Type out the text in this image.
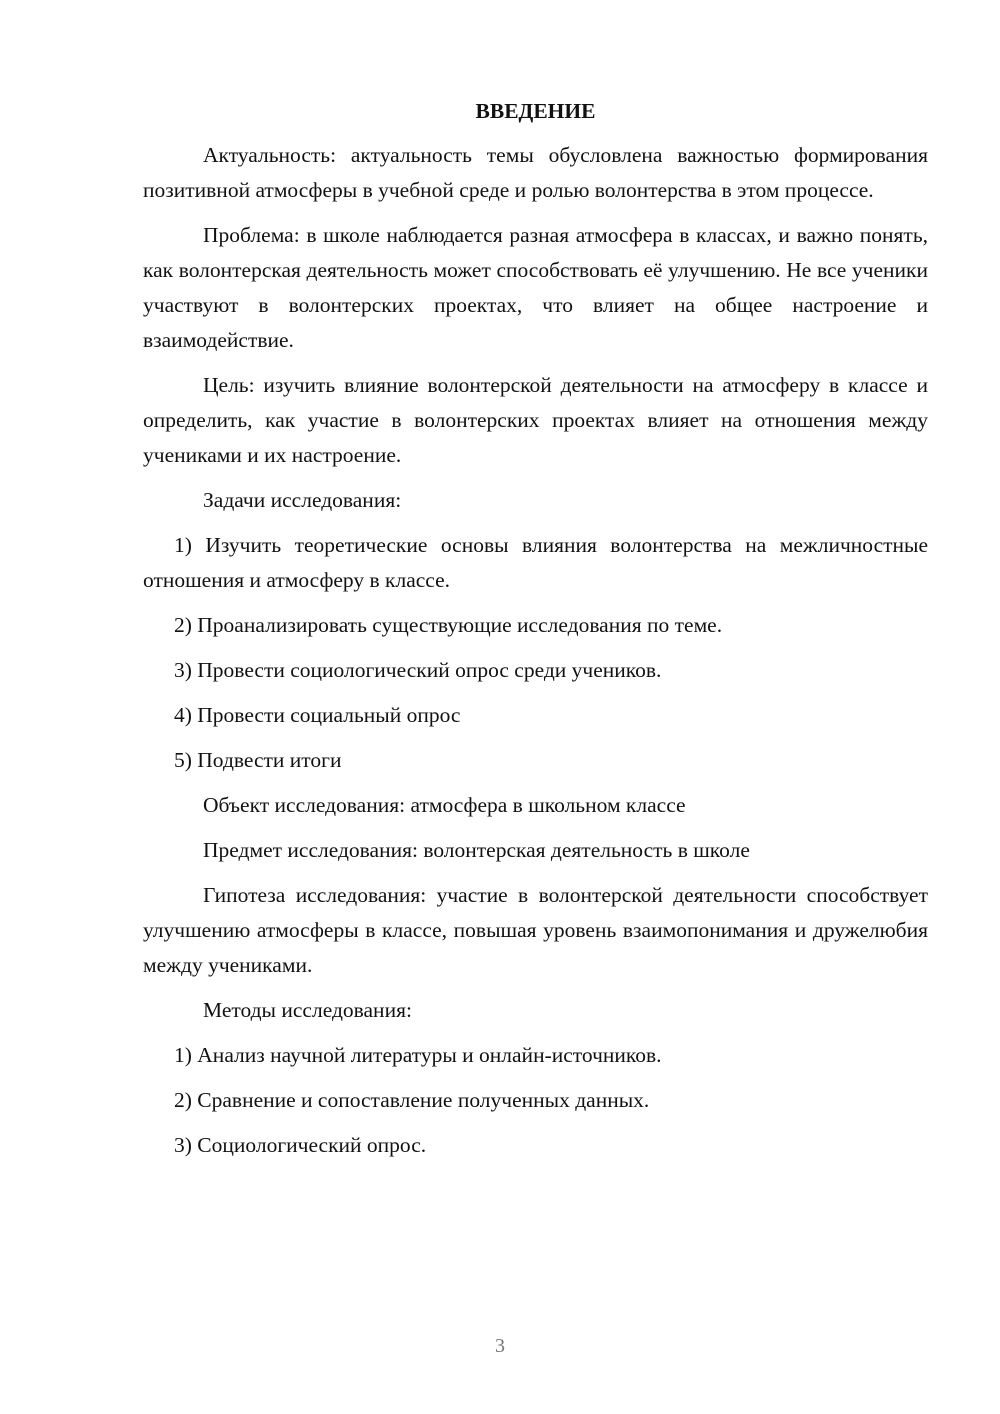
ВВЕДЕНИЕ
Актуальность: актуальность темы обусловлена важностью формирования позитивной атмосферы в учебной среде и ролью волонтерства в этом процессе.
Проблема: в школе наблюдается разная атмосфера в классах, и важно понять, как волонтерская деятельность может способствовать её улучшению. Не все ученики участвуют в волонтерских проектах, что влияет на общее настроение и взаимодействие.
Цель: изучить влияние волонтерской деятельности на атмосферу в классе и определить, как участие в волонтерских проектах влияет на отношения между учениками и их настроение.
Задачи исследования:
1) Изучить теоретические основы влияния волонтерства на межличностные отношения и атмосферу в классе.
2) Проанализировать существующие исследования по теме.
3) Провести социологический опрос среди учеников.
4) Провести социальный опрос
5) Подвести итоги
Объект исследования: атмосфера в школьном классе
Предмет исследования: волонтерская деятельность в школе
Гипотеза исследования: участие в волонтерской деятельности способствует улучшению атмосферы в классе, повышая уровень взаимопонимания и дружелюбия между учениками.
Методы исследования:
1) Анализ научной литературы и онлайн-источников.
2) Сравнение и сопоставление полученных данных.
3) Социологический опрос.
3
